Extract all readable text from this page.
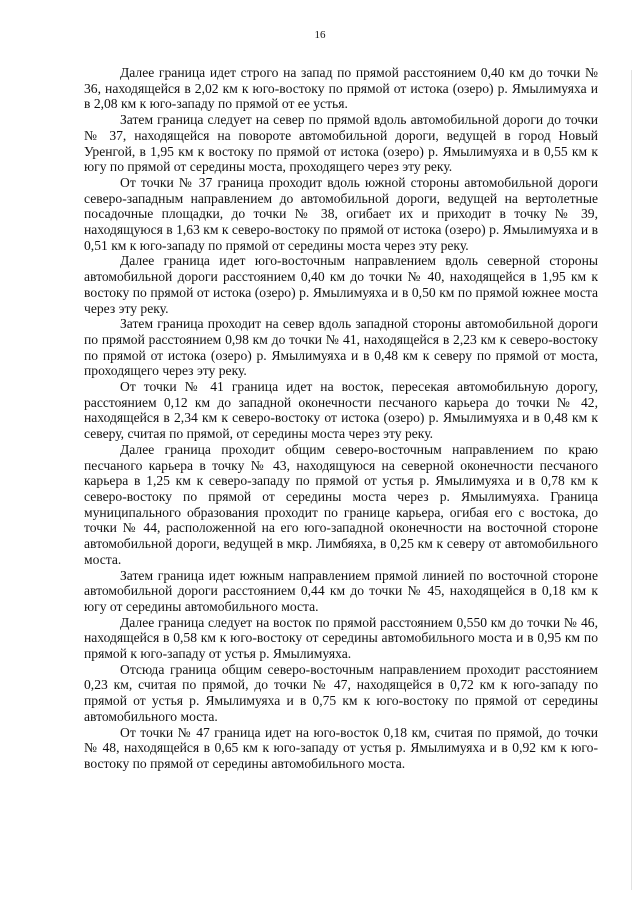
16

Далее граница идет строго на запад по прямой расстоянием 0,40 км до точки № 36, находящейся в 2,02 км к юго-востоку по прямой от истока (озеро) р. Ямылимуяха и в 2,08 км к юго-западу по прямой от ее устья.

Затем граница следует на север по прямой вдоль автомобильной дороги до точки № 37, находящейся на повороте автомобильной дороги, ведущей в город Новый Уренгой, в 1,95 км к востоку по прямой от истока (озеро) р. Ямылимуяха и в 0,55 км к югу по прямой от середины моста, проходящего через эту реку.

От точки № 37 граница проходит вдоль южной стороны автомобильной дороги северо-западным направлением до автомобильной дороги, ведущей на вертолетные посадочные площадки, до точки № 38, огибает их и приходит в точку № 39, находящуюся в 1,63 км к северо-востоку по прямой от истока (озеро) р. Ямылимуяха и в 0,51 км к юго-западу по прямой от середины моста через эту реку.

Далее граница идет юго-восточным направлением вдоль северной стороны автомобильной дороги расстоянием 0,40 км до точки № 40, находящейся в 1,95 км к востоку по прямой от истока (озеро) р. Ямылимуяха и в 0,50 км по прямой южнее моста через эту реку.

Затем граница проходит на север вдоль западной стороны автомобильной дороги по прямой расстоянием 0,98 км до точки № 41, находящейся в 2,23 км к северо-востоку по прямой от истока (озеро) р. Ямылимуяха и в 0,48 км к северу по прямой от моста, проходящего через эту реку.

От точки № 41 граница идет на восток, пересекая автомобильную дорогу, расстоянием 0,12 км до западной оконечности песчаного карьера до точки № 42, находящейся в 2,34 км к северо-востоку от истока (озеро) р. Ямылимуяха и в 0,48 км к северу, считая по прямой, от середины моста через эту реку.

Далее граница проходит общим северо-восточным направлением по краю песчаного карьера в точку № 43, находящуюся на северной оконечности песчаного карьера в 1,25 км к северо-западу по прямой от устья р. Ямылимуяха и в 0,78 км к северо-востоку по прямой от середины моста через р. Ямылимуяха. Граница муниципального образования проходит по границе карьера, огибая его с востока, до точки № 44, расположенной на его юго-западной оконечности на восточной стороне автомобильной дороги, ведущей в мкр. Лимбяяха, в 0,25 км к северу от автомобильного моста.

Затем граница идет южным направлением прямой линией по восточной стороне автомобильной дороги расстоянием 0,44 км до точки № 45, находящейся в 0,18 км к югу от середины автомобильного моста.

Далее граница следует на восток по прямой расстоянием 0,550 км до точки № 46, находящейся в 0,58 км к юго-востоку от середины автомобильного моста и в 0,95 км по прямой к юго-западу от устья р. Ямылимуяха.

Отсюда граница общим северо-восточным направлением проходит расстоянием 0,23 км, считая по прямой, до точки № 47, находящейся в 0,72 км к юго-западу по прямой от устья р. Ямылимуяха и в 0,75 км к юго-востоку по прямой от середины автомобильного моста.

От точки № 47 граница идет на юго-восток 0,18 км, считая по прямой, до точки № 48, находящейся в 0,65 км к юго-западу от устья р. Ямылимуяха и в 0,92 км к юго-востоку по прямой от середины автомобильного моста.
